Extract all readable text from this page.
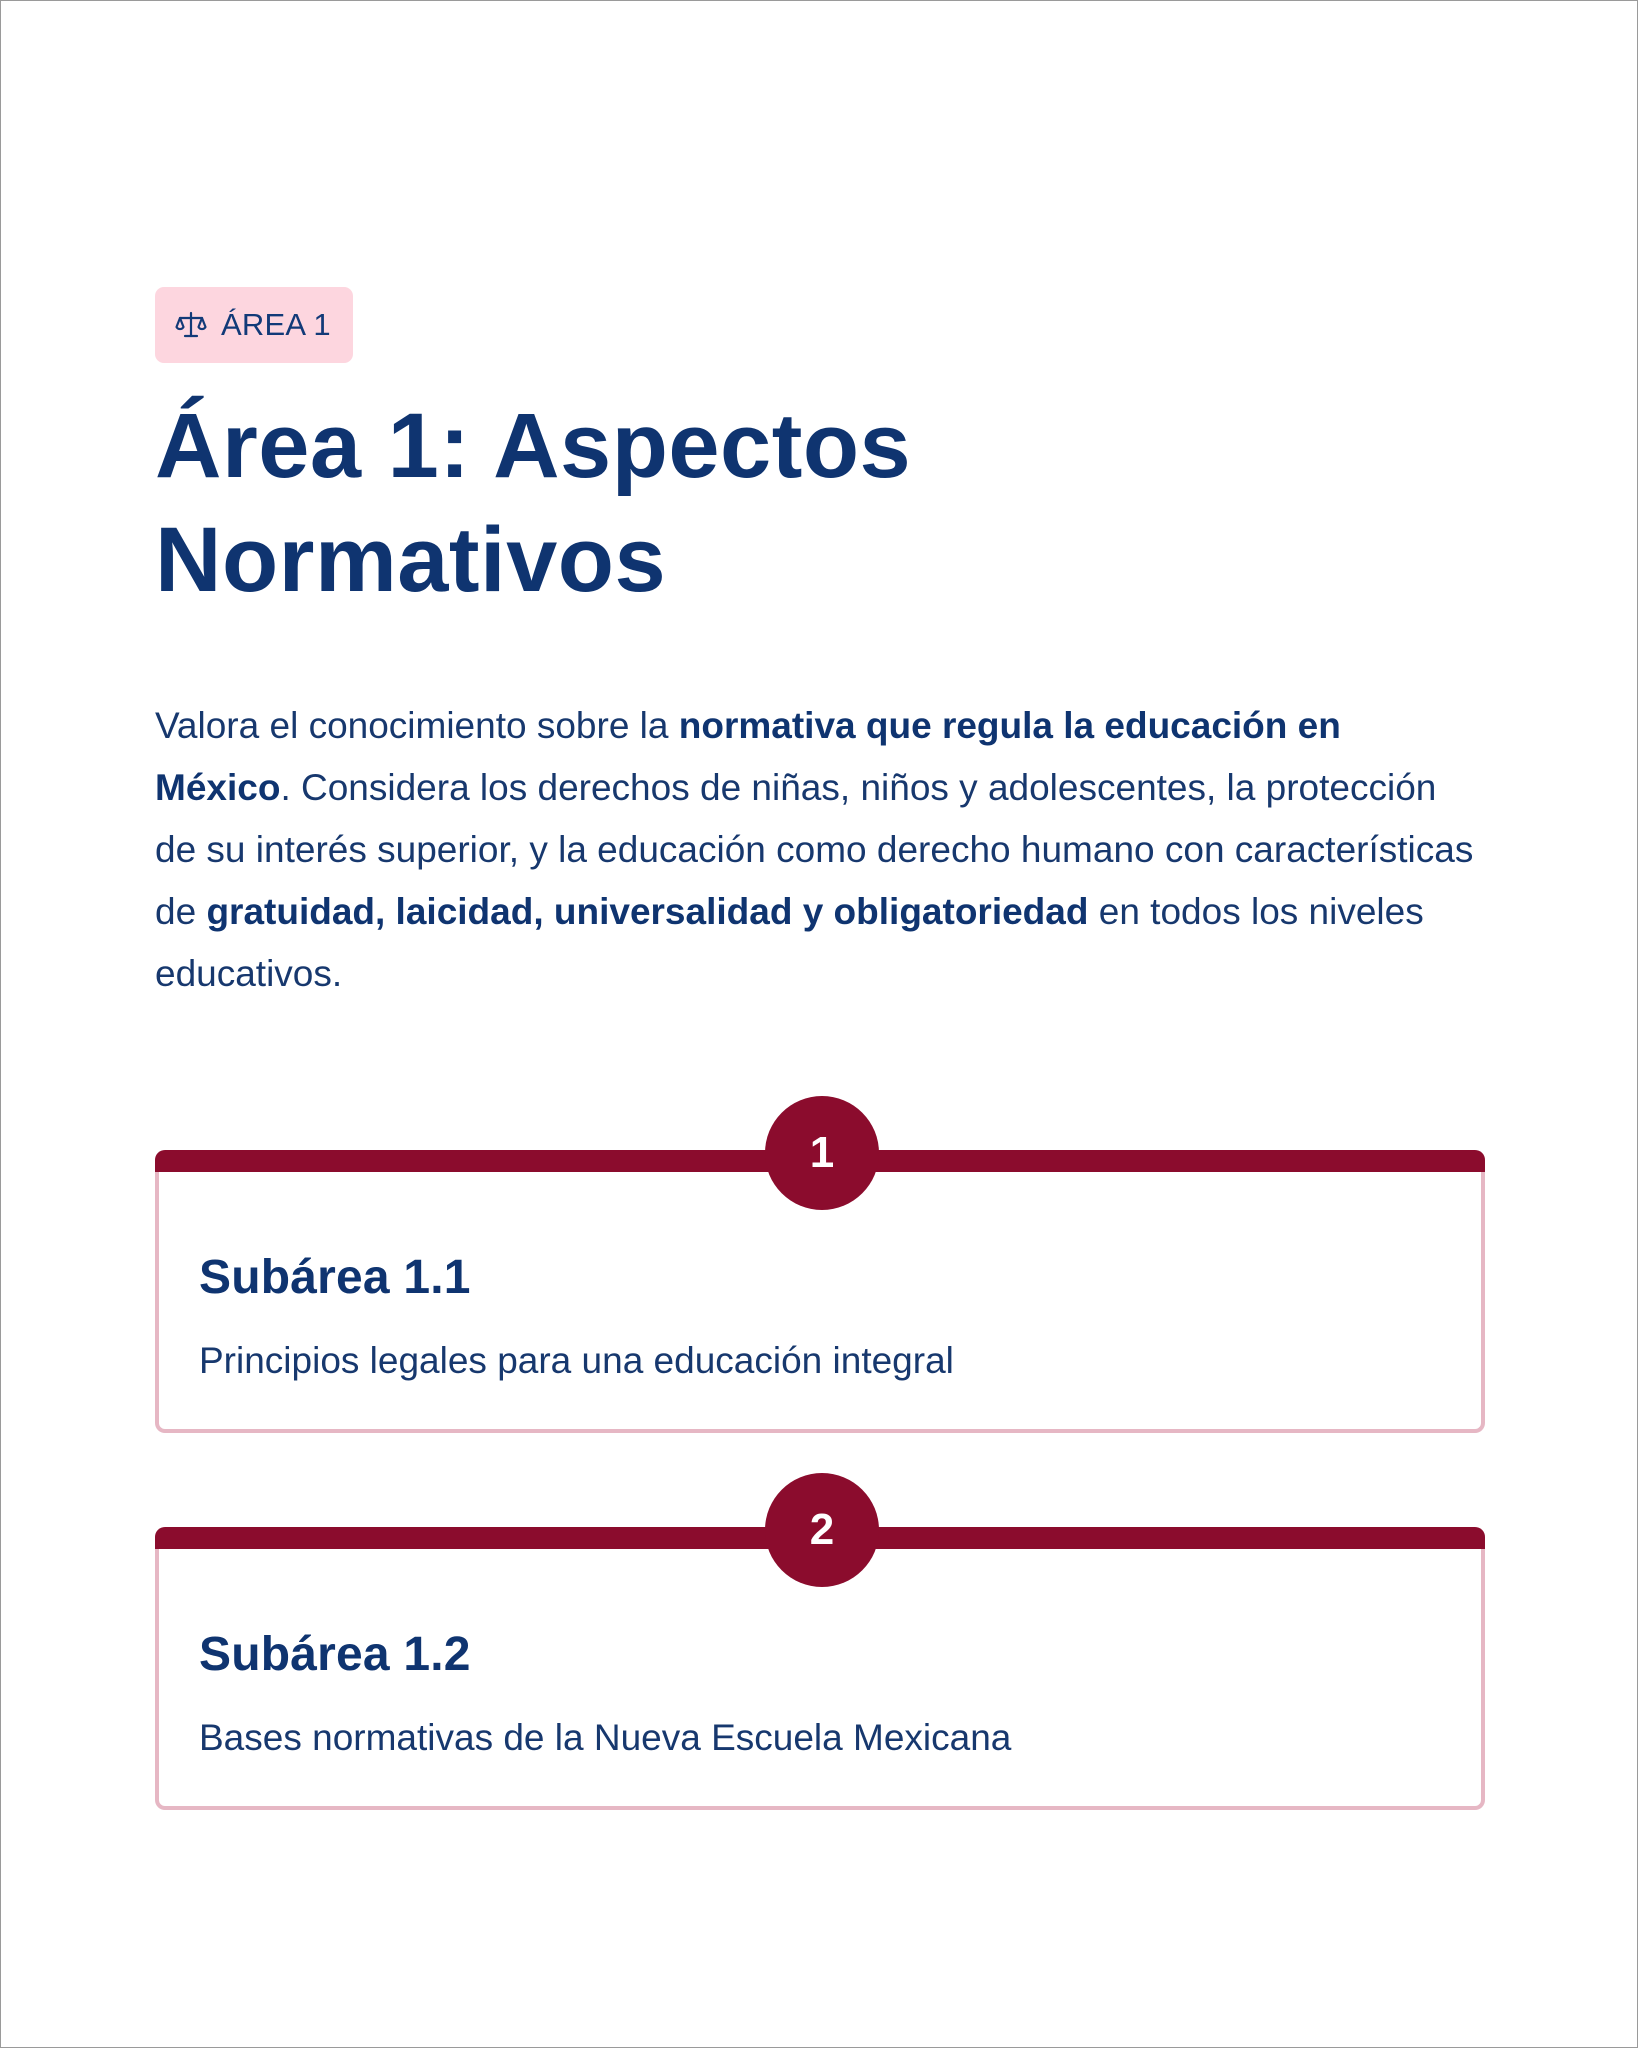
ÁREA 1
Área 1: Aspectos
Normativos

Valora el conocimiento sobre la normativa que regula la educación en México. Considera los derechos de niñas, niños y adolescentes, la protección de su interés superior, y la educación como derecho humano con características de gratuidad, laicidad, universalidad y obligatoriedad en todos los niveles educativos.

1
Subárea 1.1
Principios legales para una educación integral
2
Subárea 1.2
Bases normativas de la Nueva Escuela Mexicana
